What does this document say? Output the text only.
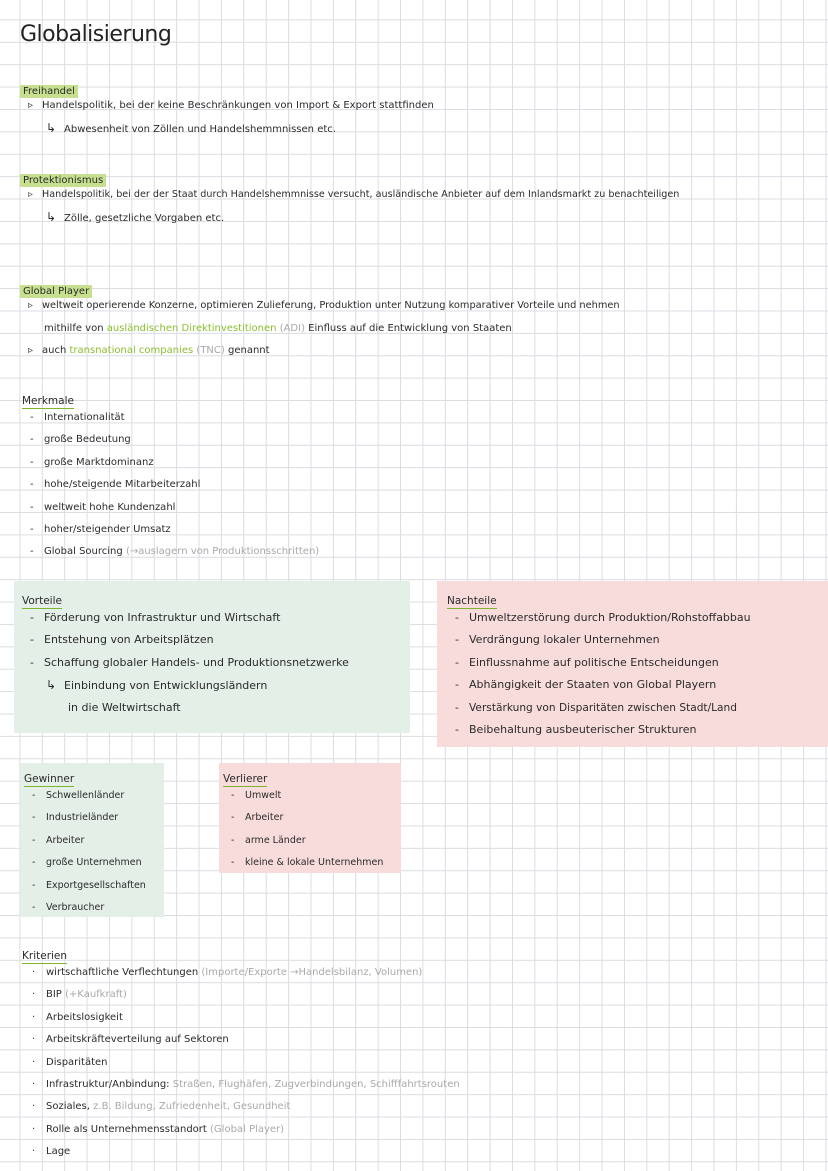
Globalisierung
Freihandel
▹ Handelspolitik, bei der keine Beschränkungen von Import & Export stattfinden
↳ Abwesenheit von Zöllen und Handelshemmnissen etc.
Protektionismus
▹ Handelspolitik, bei der der Staat durch Handelshemmnisse versucht, ausländische Anbieter auf dem Inlandsmarkt zu benachteiligen
↳ Zölle, gesetzliche Vorgaben etc.
Global Player
▹ weltweit operierende Konzerne, optimieren Zulieferung, Produktion unter Nutzung komparativer Vorteile und nehmen
mithilfe von ausländischen Direktinvestitionen (ADI) Einfluss auf die Entwicklung von Staaten
▹ auch transnational companies (TNC) genannt
Merkmale
- Internationalität
- große Bedeutung
- große Marktdominanz
- hohe/steigende Mitarbeiterzahl
- weltweit hohe Kundenzahl
- hoher/steigender Umsatz
- Global Sourcing (→auslagern von Produktionsschritten)
Vorteile
- Förderung von Infrastruktur und Wirtschaft
- Entstehung von Arbeitsplätzen
- Schaffung globaler Handels- und Produktionsnetzwerke
↳ Einbindung von Entwicklungsländern
in die Weltwirtschaft
Nachteile
- Umweltzerstörung durch Produktion/Rohstoffabbau
- Verdrängung lokaler Unternehmen
- Einflussnahme auf politische Entscheidungen
- Abhängigkeit der Staaten von Global Playern
- Verstärkung von Disparitäten zwischen Stadt/Land
- Beibehaltung ausbeuterischer Strukturen
Gewinner
- Schwellenländer
- Industrieländer
- Arbeiter
- große Unternehmen
- Exportgesellschaften
- Verbraucher
Verlierer
- Umwelt
- Arbeiter
- arme Länder
- kleine & lokale Unternehmen
Kriterien
· wirtschaftliche Verflechtungen (Importe/Exporte →Handelsbilanz, Volumen)
· BIP (+Kaufkraft)
· Arbeitslosigkeit
· Arbeitskräfteverteilung auf Sektoren
· Disparitäten
· Infrastruktur/Anbindung: Straßen, Flughäfen, Zugverbindungen, Schifffahrtsrouten
· Soziales, z.B. Bildung, Zufriedenheit, Gesundheit
· Rolle als Unternehmensstandort (Global Player)
· Lage
